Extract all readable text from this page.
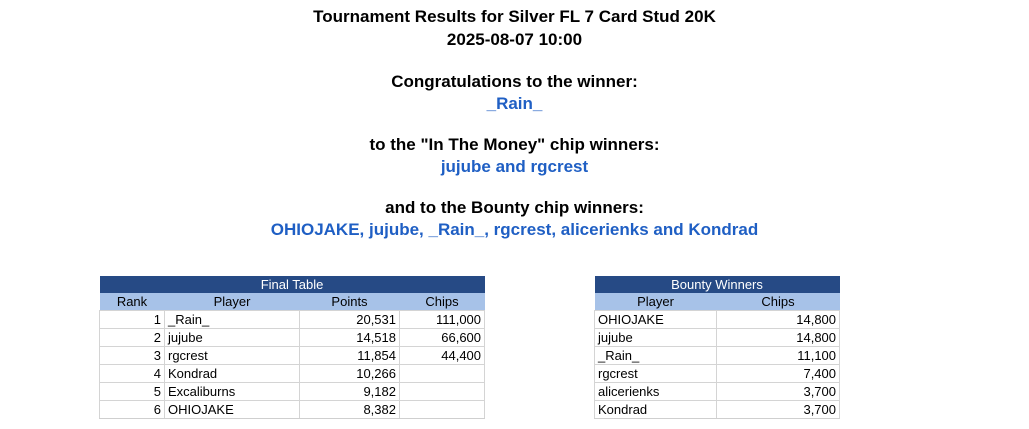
Tournament Results for Silver FL 7 Card Stud 20K
2025-08-07 10:00
Congratulations to the winner:
_Rain_
to the "In The Money" chip winners:
jujube and rgcrest
and to the Bounty chip winners:
OHIOJAKE, jujube, _Rain_, rgcrest, alicerienks and Kondrad
Final Table			
Rank	Player	Points	Chips
1	_Rain_	20,531	111,000
2	jujube	14,518	66,600
3	rgcrest	11,854	44,400
4	Kondrad	10,266	
5	Excaliburns	9,182	
6	OHIOJAKE	8,382	
Bounty Winners	
Player	Chips
OHIOJAKE	14,800
jujube	14,800
_Rain_	11,100
rgcrest	7,400
alicerienks	3,700
Kondrad	3,700
